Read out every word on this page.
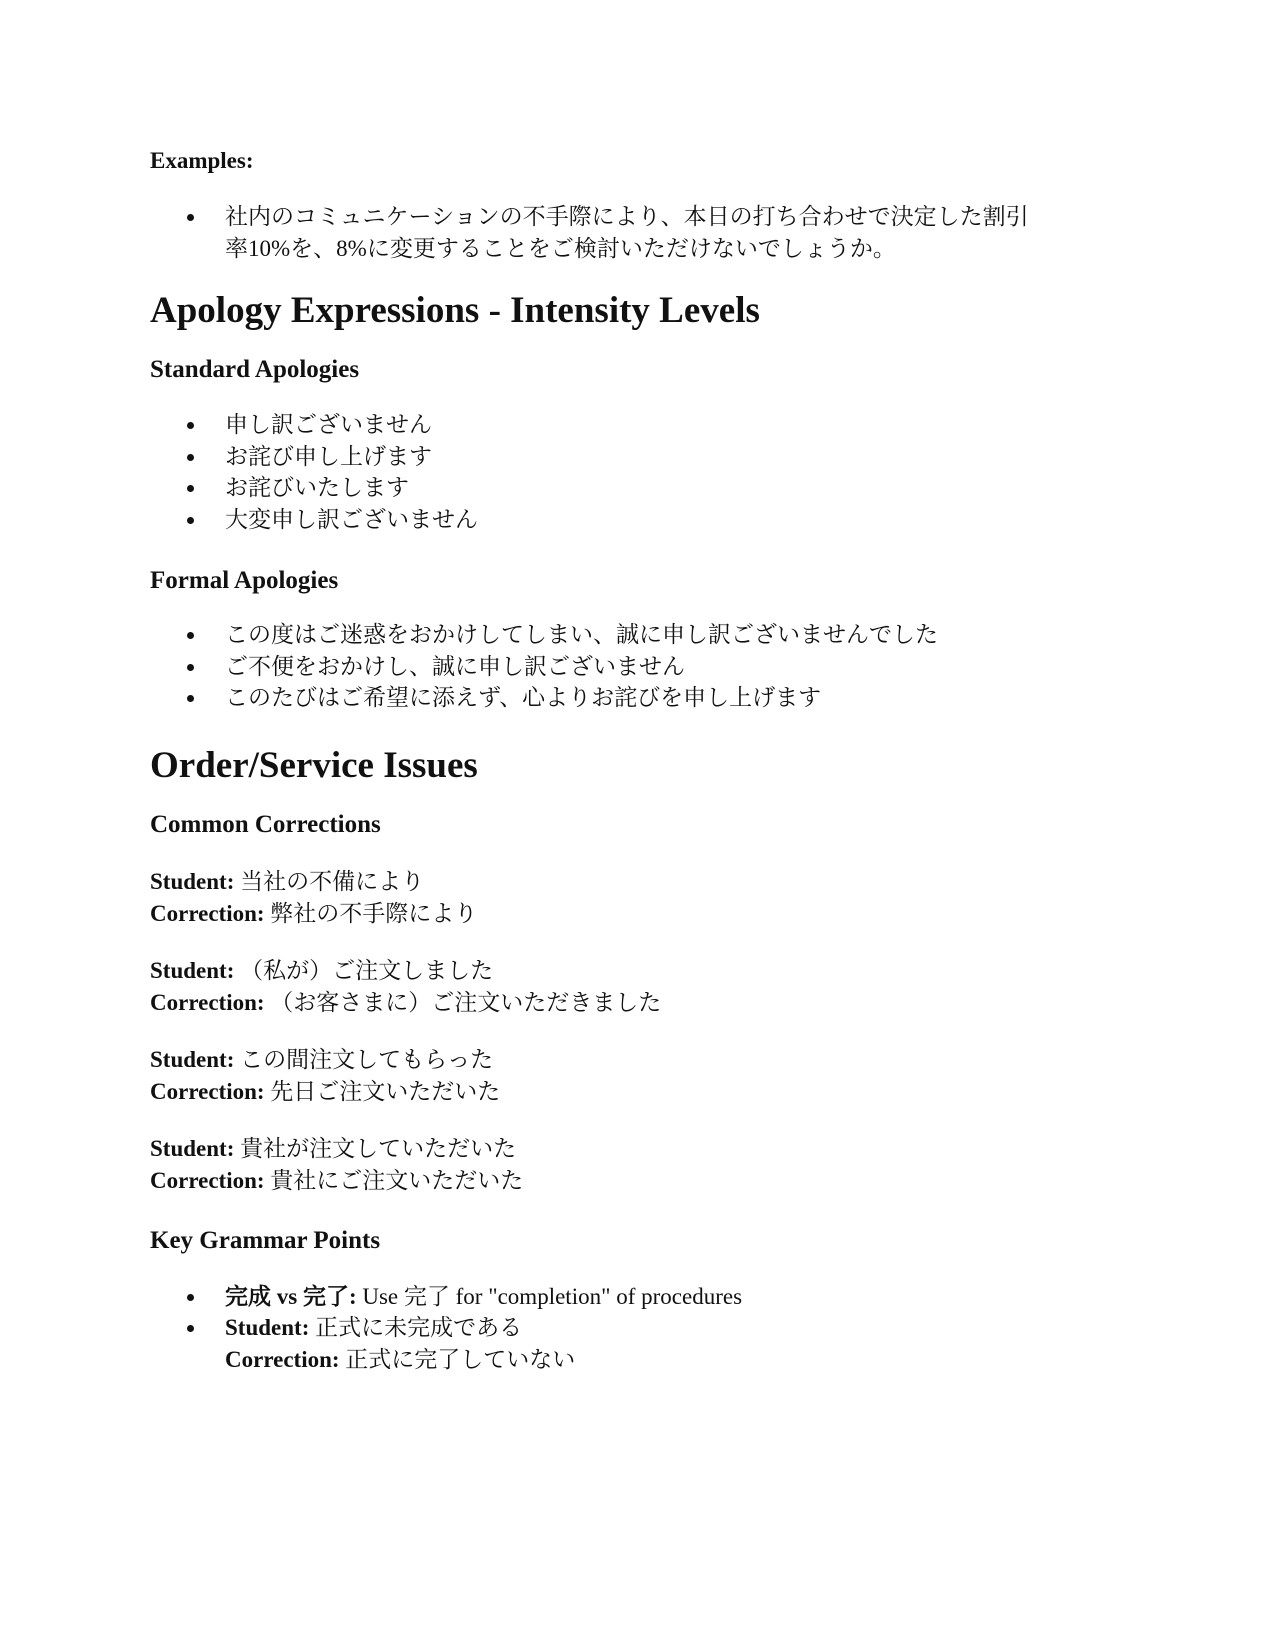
Examples:

社内のコミュニケーションの不手際により、本日の打ち合わせで決定した割引率10%を、8%に変更することをご検討いただけないでしょうか。
Apology Expressions - Intensity Levels
Standard Apologies
申し訳ございません
お詫び申し上げます
お詫びいたします
大変申し訳ございません
Formal Apologies
この度はご迷惑をおかけしてしまい、誠に申し訳ございませんでした
ご不便をおかけし、誠に申し訳ございません
このたびはご希望に添えず、心よりお詫びを申し上げます
Order/Service Issues
Common Corrections
Student: 当社の不備により
Correction: 弊社の不手際により
Student: （私が）ご注文しました
Correction: （お客さまに）ご注文いただきました
Student: この間注文してもらった
Correction: 先日ご注文いただいた
Student: 貴社が注文していただいた
Correction: 貴社にご注文いただいた
Key Grammar Points
完成 vs 完了: Use 完了 for "completion" of procedures
Student: 正式に未完成である
Correction: 正式に完了していない
